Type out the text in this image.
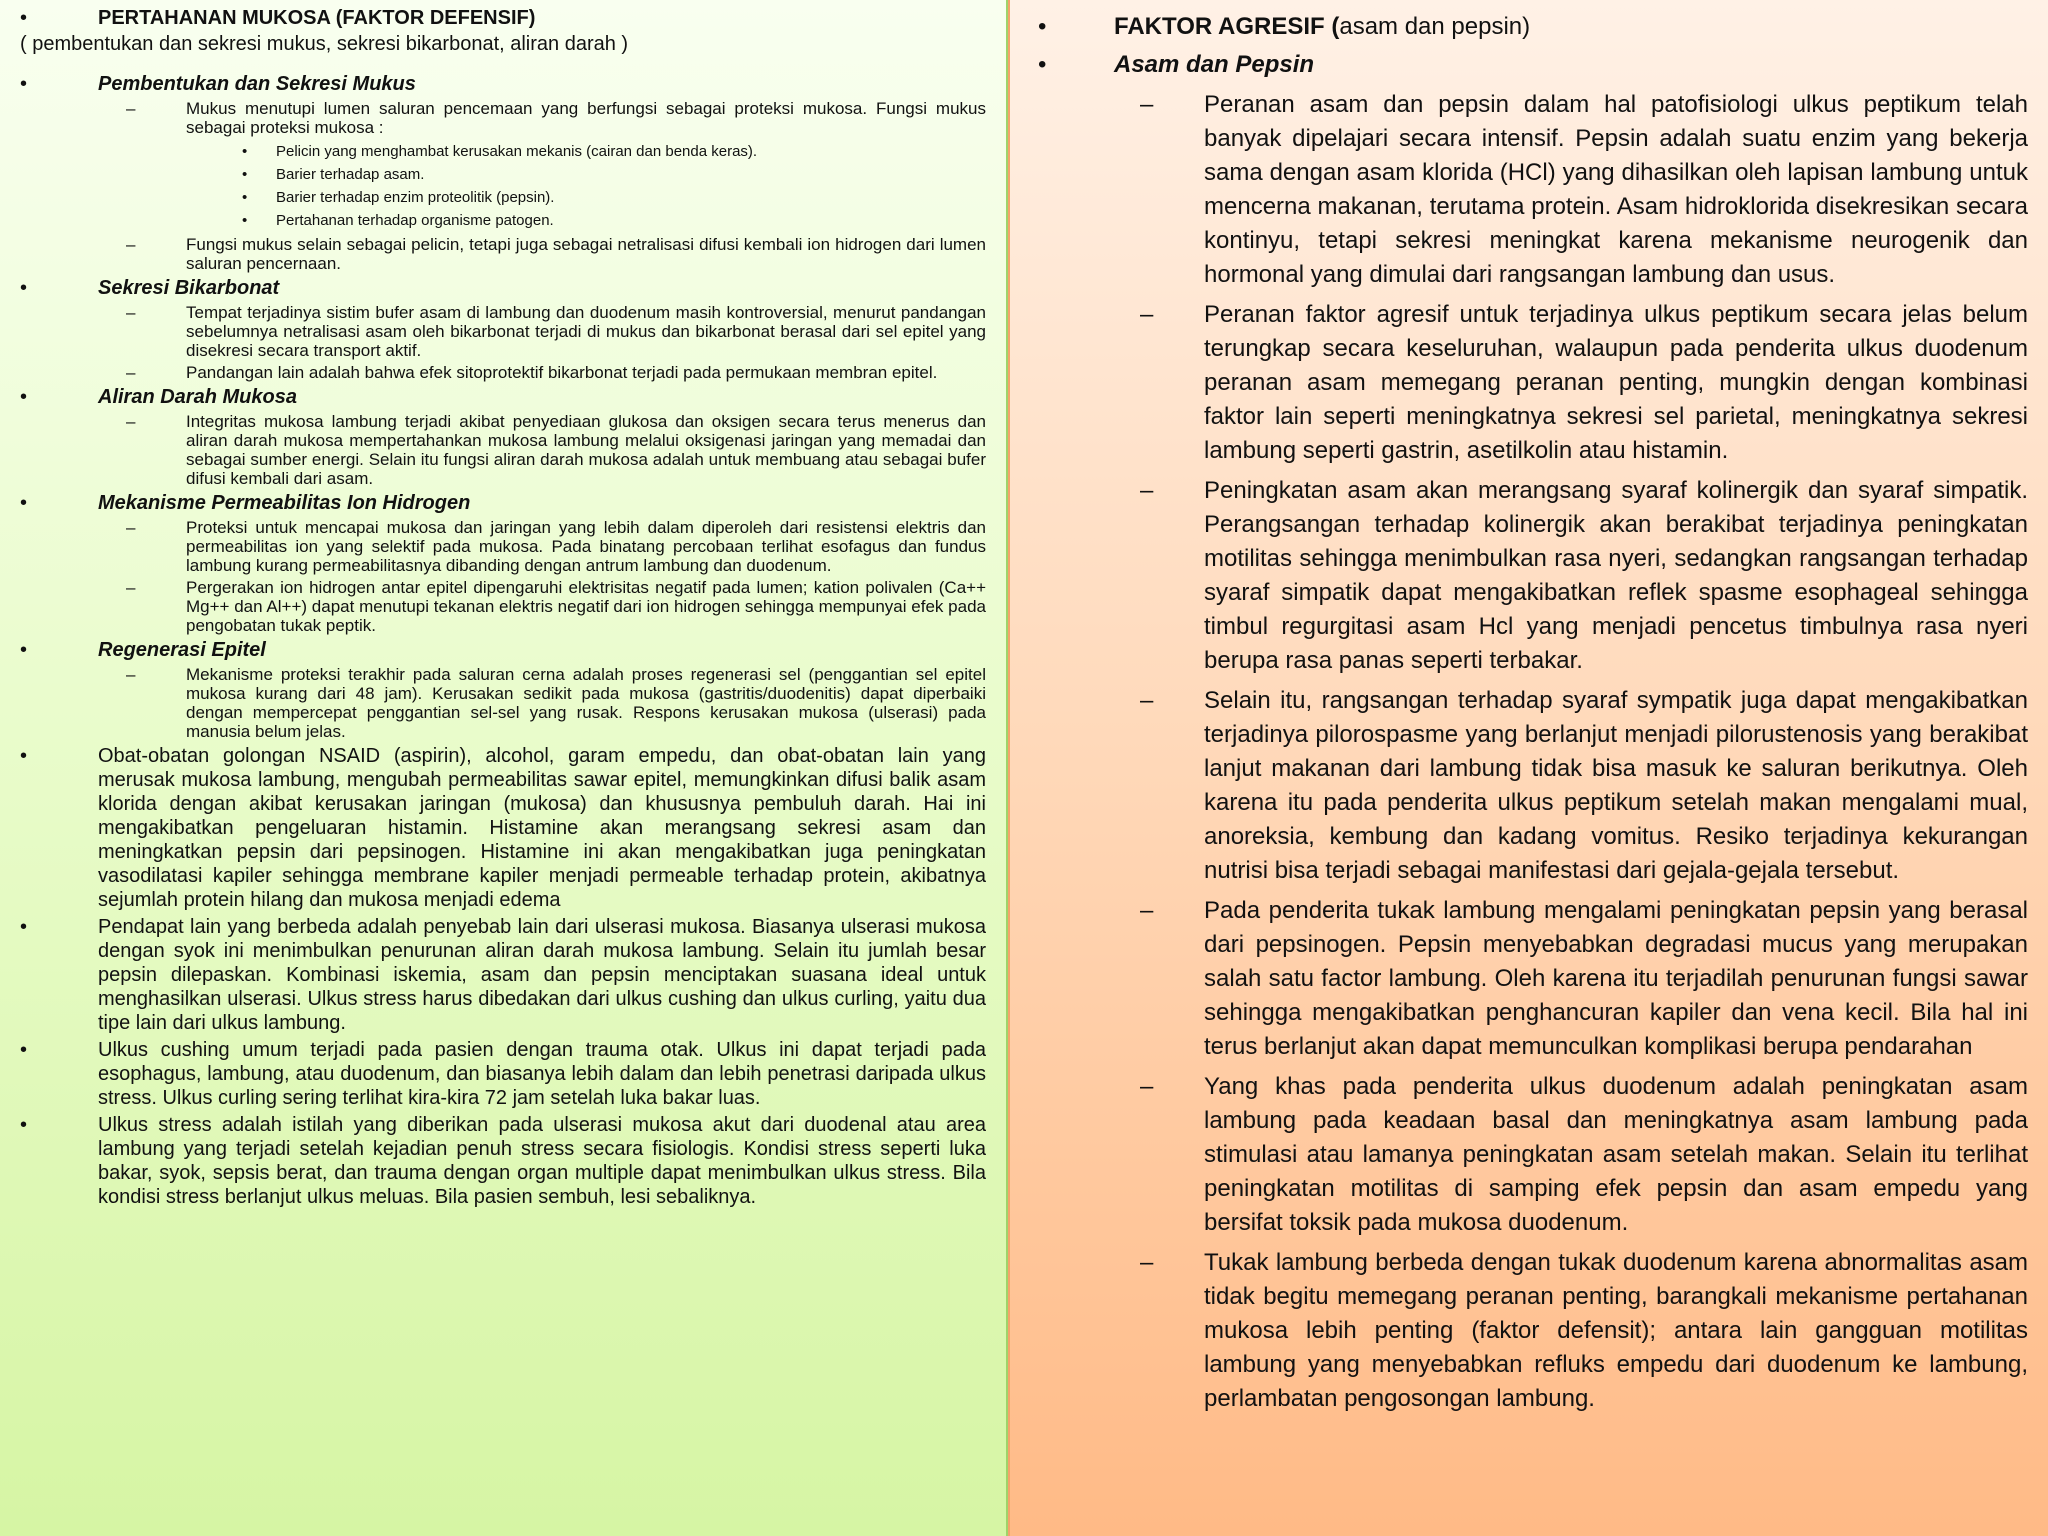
•	PERTAHANAN MUKOSA (FAKTOR DEFENSIF)
( pembentukan dan sekresi mukus, sekresi bikarbonat, aliran darah )
•	Pembentukan dan Sekresi Mukus
–	Mukus menutupi lumen saluran pencemaan yang berfungsi sebagai proteksi mukosa. Fungsi mukus sebagai proteksi mukosa :
• Pelicin yang menghambat kerusakan mekanis (cairan dan benda keras).
• Barier terhadap asam.
• Barier terhadap enzim proteolitik (pepsin).
• Pertahanan terhadap organisme patogen.
–	Fungsi mukus selain sebagai pelicin, tetapi juga sebagai netralisasi difusi kembali ion hidrogen dari lumen saluran pencernaan.
•	Sekresi Bikarbonat
–	Tempat terjadinya sistim bufer asam di lambung dan duodenum masih kontroversial, menurut pandangan sebelumnya netralisasi asam oleh bikarbonat terjadi di mukus dan bikarbonat berasal dari sel epitel yang disekresi secara transport aktif.
–	Pandangan lain adalah bahwa efek sitoprotektif bikarbonat terjadi pada permukaan membran epitel.
•	Aliran Darah Mukosa
–	Integritas mukosa lambung terjadi akibat penyediaan glukosa dan oksigen secara terus menerus dan aliran darah mukosa mempertahankan mukosa lambung melalui oksigenasi jaringan yang memadai dan sebagai sumber energi. Selain itu fungsi aliran darah mukosa adalah untuk membuang atau sebagai bufer difusi kembali dari asam.
•	Mekanisme Permeabilitas Ion Hidrogen
–	Proteksi untuk mencapai mukosa dan jaringan yang lebih dalam diperoleh dari resistensi elektris dan permeabilitas ion yang selektif pada mukosa. Pada binatang percobaan terlihat esofagus dan fundus lambung kurang permeabilitasnya dibanding dengan antrum lambung dan duodenum.
–	Pergerakan ion hidrogen antar epitel dipengaruhi elektrisitas negatif pada lumen; kation polivalen (Ca++ Mg++ dan Al++) dapat menutupi tekanan elektris negatif dari ion hidrogen sehingga mempunyai efek pada pengobatan tukak peptik.
•	Regenerasi Epitel
–	Mekanisme proteksi terakhir pada saluran cerna adalah proses regenerasi sel (penggantian sel epitel mukosa kurang dari 48 jam). Kerusakan sedikit pada mukosa (gastritis/duodenitis) dapat diperbaiki dengan mempercepat penggantian sel-sel yang rusak. Respons kerusakan mukosa (ulserasi) pada manusia belum jelas.
•	Obat-obatan golongan NSAID (aspirin), alcohol, garam empedu, dan obat-obatan lain yang merusak mukosa lambung, mengubah permeabilitas sawar epitel, memungkinkan difusi balik asam klorida dengan akibat kerusakan jaringan (mukosa) dan khususnya pembuluh darah. Hai ini mengakibatkan pengeluaran histamin. Histamine akan merangsang sekresi asam dan meningkatkan pepsin dari pepsinogen. Histamine ini akan mengakibatkan juga peningkatan vasodilatasi kapiler sehingga membrane kapiler menjadi permeable terhadap protein, akibatnya sejumlah protein hilang dan mukosa menjadi edema
•	Pendapat lain yang berbeda adalah penyebab lain dari ulserasi mukosa. Biasanya ulserasi mukosa dengan syok ini menimbulkan penurunan aliran darah mukosa lambung. Selain itu jumlah besar pepsin dilepaskan. Kombinasi iskemia, asam dan pepsin menciptakan suasana ideal untuk menghasilkan ulserasi. Ulkus stress harus dibedakan dari ulkus cushing dan ulkus curling, yaitu dua tipe lain dari ulkus lambung.
•	Ulkus cushing umum terjadi pada pasien dengan trauma otak. Ulkus ini dapat terjadi pada esophagus, lambung, atau duodenum, dan biasanya lebih dalam dan lebih penetrasi daripada ulkus stress. Ulkus curling sering terlihat kira-kira 72 jam setelah luka bakar luas.
•	Ulkus stress adalah istilah yang diberikan pada ulserasi mukosa akut dari duodenal atau area lambung yang terjadi setelah kejadian penuh stress secara fisiologis. Kondisi stress seperti luka bakar, syok, sepsis berat, dan trauma dengan organ multiple dapat menimbulkan ulkus stress. Bila kondisi stress berlanjut ulkus meluas. Bila pasien sembuh, lesi sebaliknya.
•	FAKTOR AGRESIF (asam dan pepsin)
•	Asam dan Pepsin
– Peranan asam dan pepsin dalam hal patofisiologi ulkus peptikum telah banyak dipelajari secara intensif. Pepsin adalah suatu enzim yang bekerja sama dengan asam klorida (HCl) yang dihasilkan oleh lapisan lambung untuk mencerna makanan, terutama protein. Asam hidroklorida disekresikan secara kontinyu, tetapi sekresi meningkat karena mekanisme neurogenik dan hormonal yang dimulai dari rangsangan lambung dan usus.
– Peranan faktor agresif untuk terjadinya ulkus peptikum secara jelas belum terungkap secara keseluruhan, walaupun pada penderita ulkus duodenum peranan asam memegang peranan penting, mungkin dengan kombinasi faktor lain seperti meningkatnya sekresi sel parietal, meningkatnya sekresi lambung seperti gastrin, asetilkolin atau histamin.
– Peningkatan asam akan merangsang syaraf kolinergik dan syaraf simpatik. Perangsangan terhadap kolinergik akan berakibat terjadinya peningkatan motilitas sehingga menimbulkan rasa nyeri, sedangkan rangsangan terhadap syaraf simpatik dapat mengakibatkan reflek spasme esophageal sehingga timbul regurgitasi asam Hcl yang menjadi pencetus timbulnya rasa nyeri berupa rasa panas seperti terbakar.
– Selain itu, rangsangan terhadap syaraf sympatik juga dapat mengakibatkan terjadinya pilorospasme yang berlanjut menjadi pilorustenosis yang berakibat lanjut makanan dari lambung tidak bisa masuk ke saluran berikutnya. Oleh karena itu pada penderita ulkus peptikum setelah makan mengalami mual, anoreksia, kembung dan kadang vomitus. Resiko terjadinya kekurangan nutrisi bisa terjadi sebagai manifestasi dari gejala-gejala tersebut.
– Pada penderita tukak lambung mengalami peningkatan pepsin yang berasal dari pepsinogen. Pepsin menyebabkan degradasi mucus yang merupakan salah satu factor lambung. Oleh karena itu terjadilah penurunan fungsi sawar sehingga mengakibatkan penghancuran kapiler dan vena kecil. Bila hal ini terus berlanjut akan dapat memunculkan komplikasi berupa pendarahan
– Yang khas pada penderita ulkus duodenum adalah peningkatan asam lambung pada keadaan basal dan meningkatnya asam lambung pada stimulasi atau lamanya peningkatan asam setelah makan. Selain itu terlihat peningkatan motilitas di samping efek pepsin dan asam empedu yang bersifat toksik pada mukosa duodenum.
– Tukak lambung berbeda dengan tukak duodenum karena abnormalitas asam tidak begitu memegang peranan penting, barangkali mekanisme pertahanan mukosa lebih penting (faktor defensit); antara lain gangguan motilitas lambung yang menyebabkan refluks empedu dari duodenum ke lambung, perlambatan pengosongan lambung.
